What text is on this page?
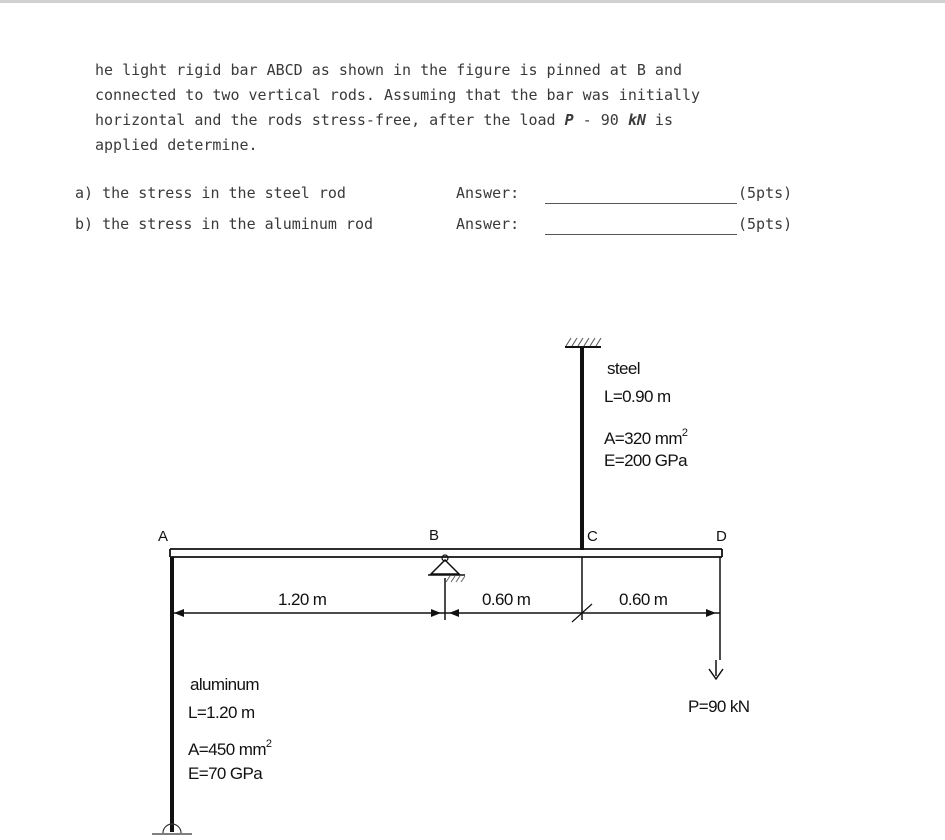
he light rigid bar ABCD as shown in the figure is pinned at B and

connected to two vertical rods. Assuming that the bar was initially

horizontal and the rods stress-free, after the load P - 90 kN is

applied determine.

a) the stress in the steel rod	Answer:	(5pts)
b) the stress in the aluminum rod	Answer:	(5pts)
A	B	C	D
steel
L=0.90 m
A=320 $mm^2$
E=200 GPa
1.20 m	0.60 m	0.60 m
aluminum
L=1.20 m
A=450 $mm^2$
E=70 GPa
P=90 kN
